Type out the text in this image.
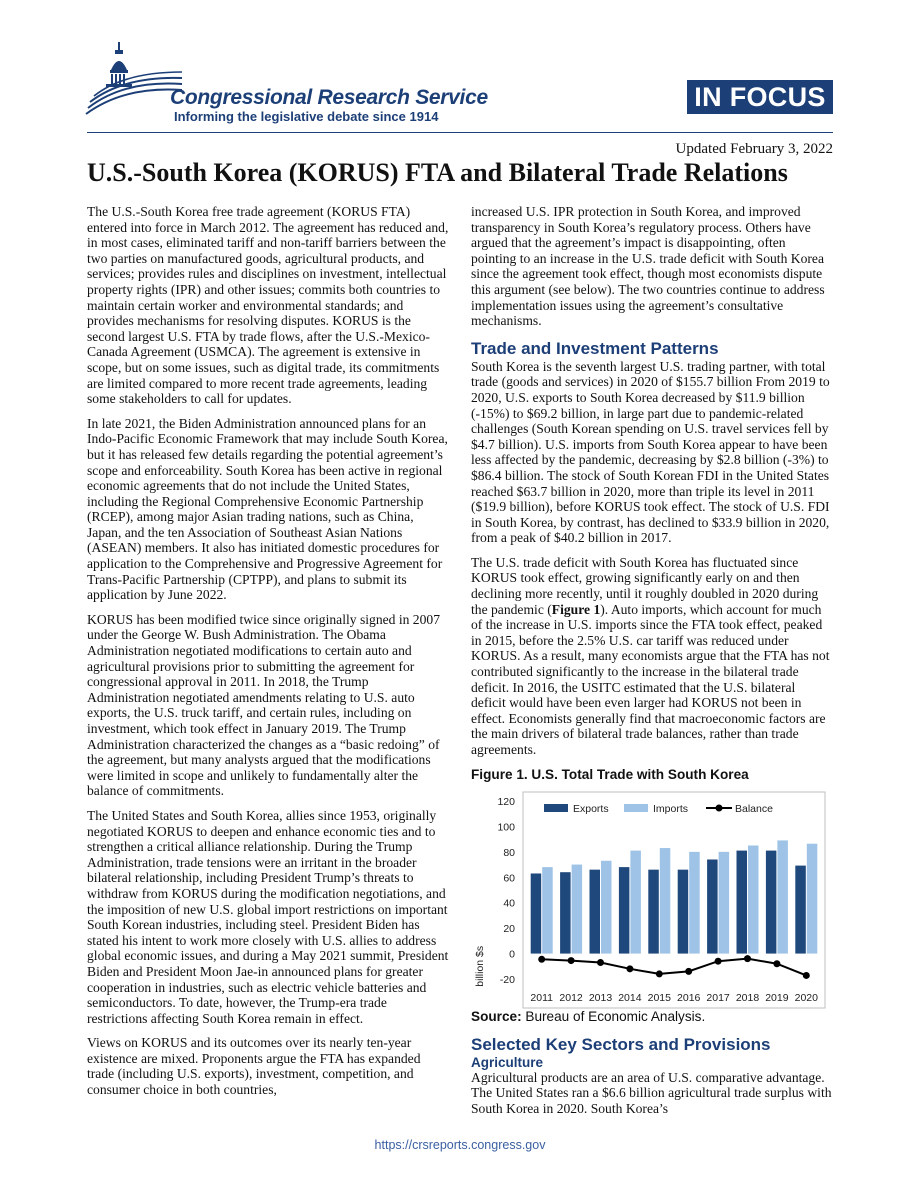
Congressional Research Service

Informing the legislative debate since 1914

IN FOCUS
Updated February 3, 2022
U.S.-South Korea (KORUS) FTA and Bilateral Trade Relations

The U.S.-South Korea free trade agreement (KORUS FTA) entered into force in March 2012. The agreement has reduced and, in most cases, eliminated tariff and non-tariff barriers between the two parties on manufactured goods, agricultural products, and services; provides rules and disciplines on investment, intellectual property rights (IPR) and other issues; commits both countries to maintain certain worker and environmental standards; and provides mechanisms for resolving disputes. KORUS is the second largest U.S. FTA by trade flows, after the U.S.-Mexico-Canada Agreement (USMCA). The agreement is extensive in scope, but on some issues, such as digital trade, its commitments are limited compared to more recent trade agreements, leading some stakeholders to call for updates.

In late 2021, the Biden Administration announced plans for an Indo-Pacific Economic Framework that may include South Korea, but it has released few details regarding the potential agreement’s scope and enforceability. South Korea has been active in regional economic agreements that do not include the United States, including the Regional Comprehensive Economic Partnership (RCEP), among major Asian trading nations, such as China, Japan, and the ten Association of Southeast Asian Nations (ASEAN) members. It also has initiated domestic procedures for application to the Comprehensive and Progressive Agreement for Trans-Pacific Partnership (CPTPP), and plans to submit its application by June 2022.

KORUS has been modified twice since originally signed in 2007 under the George W. Bush Administration. The Obama Administration negotiated modifications to certain auto and agricultural provisions prior to submitting the agreement for congressional approval in 2011. In 2018, the Trump Administration negotiated amendments relating to U.S. auto exports, the U.S. truck tariff, and certain rules, including on investment, which took effect in January 2019. The Trump Administration characterized the changes as a “basic redoing” of the agreement, but many analysts argued that the modifications were limited in scope and unlikely to fundamentally alter the balance of commitments.

The United States and South Korea, allies since 1953, originally negotiated KORUS to deepen and enhance economic ties and to strengthen a critical alliance relationship. During the Trump Administration, trade tensions were an irritant in the broader bilateral relationship, including President Trump’s threats to withdraw from KORUS during the modification negotiations, and the imposition of new U.S. global import restrictions on important South Korean industries, including steel. President Biden has stated his intent to work more closely with U.S. allies to address global economic issues, and during a May 2021 summit, President Biden and President Moon Jae-in announced plans for greater cooperation in industries, such as electric vehicle batteries and semiconductors. To date, however, the Trump-era trade restrictions affecting South Korea remain in effect.

Views on KORUS and its outcomes over its nearly ten-year existence are mixed. Proponents argue the FTA has expanded trade (including U.S. exports), investment, competition, and consumer choice in both countries,

increased U.S. IPR protection in South Korea, and improved transparency in South Korea’s regulatory process. Others have argued that the agreement’s impact is disappointing, often pointing to an increase in the U.S. trade deficit with South Korea since the agreement took effect, though most economists dispute this argument (see below). The two countries continue to address implementation issues using the agreement’s consultative mechanisms.

Trade and Investment Patterns

South Korea is the seventh largest U.S. trading partner, with total trade (goods and services) in 2020 of $155.7 billion From 2019 to 2020, U.S. exports to South Korea decreased by $11.9 billion (-15%) to $69.2 billion, in large part due to pandemic-related challenges (South Korean spending on U.S. travel services fell by $4.7 billion). U.S. imports from South Korea appear to have been less affected by the pandemic, decreasing by $2.8 billion (-3%) to $86.4 billion. The stock of South Korean FDI in the United States reached $63.7 billion in 2020, more than triple its level in 2011 ($19.9 billion), before KORUS took effect. The stock of U.S. FDI in South Korea, by contrast, has declined to $33.9 billion in 2020, from a peak of $40.2 billion in 2017.

The U.S. trade deficit with South Korea has fluctuated since KORUS took effect, growing significantly early on and then declining more recently, until it roughly doubled in 2020 during the pandemic (Figure 1). Auto imports, which account for much of the increase in U.S. imports since the FTA took effect, peaked in 2015, before the 2.5% U.S. car tariff was reduced under KORUS. As a result, many economists argue that the FTA has not contributed significantly to the increase in the bilateral trade deficit. In 2016, the USITC estimated that the U.S. bilateral deficit would have been even larger had KORUS not been in effect. Economists generally find that macroeconomic factors are the main drivers of bilateral trade balances, rather than trade agreements.

Figure 1. U.S. Total Trade with South Korea

-20
0
20
40
60
80
100
120
billion $s
2011 2012 2013 2014 2015 2016 2017 2018 2019 2020
Exports	Imports	Balance

Source: Bureau of Economic Analysis.

Selected Key Sectors and Provisions
Agriculture

Agricultural products are an area of U.S. comparative advantage. The United States ran a $6.6 billion agricultural trade surplus with South Korea in 2020. South Korea’s

https://crsreports.congress.gov
